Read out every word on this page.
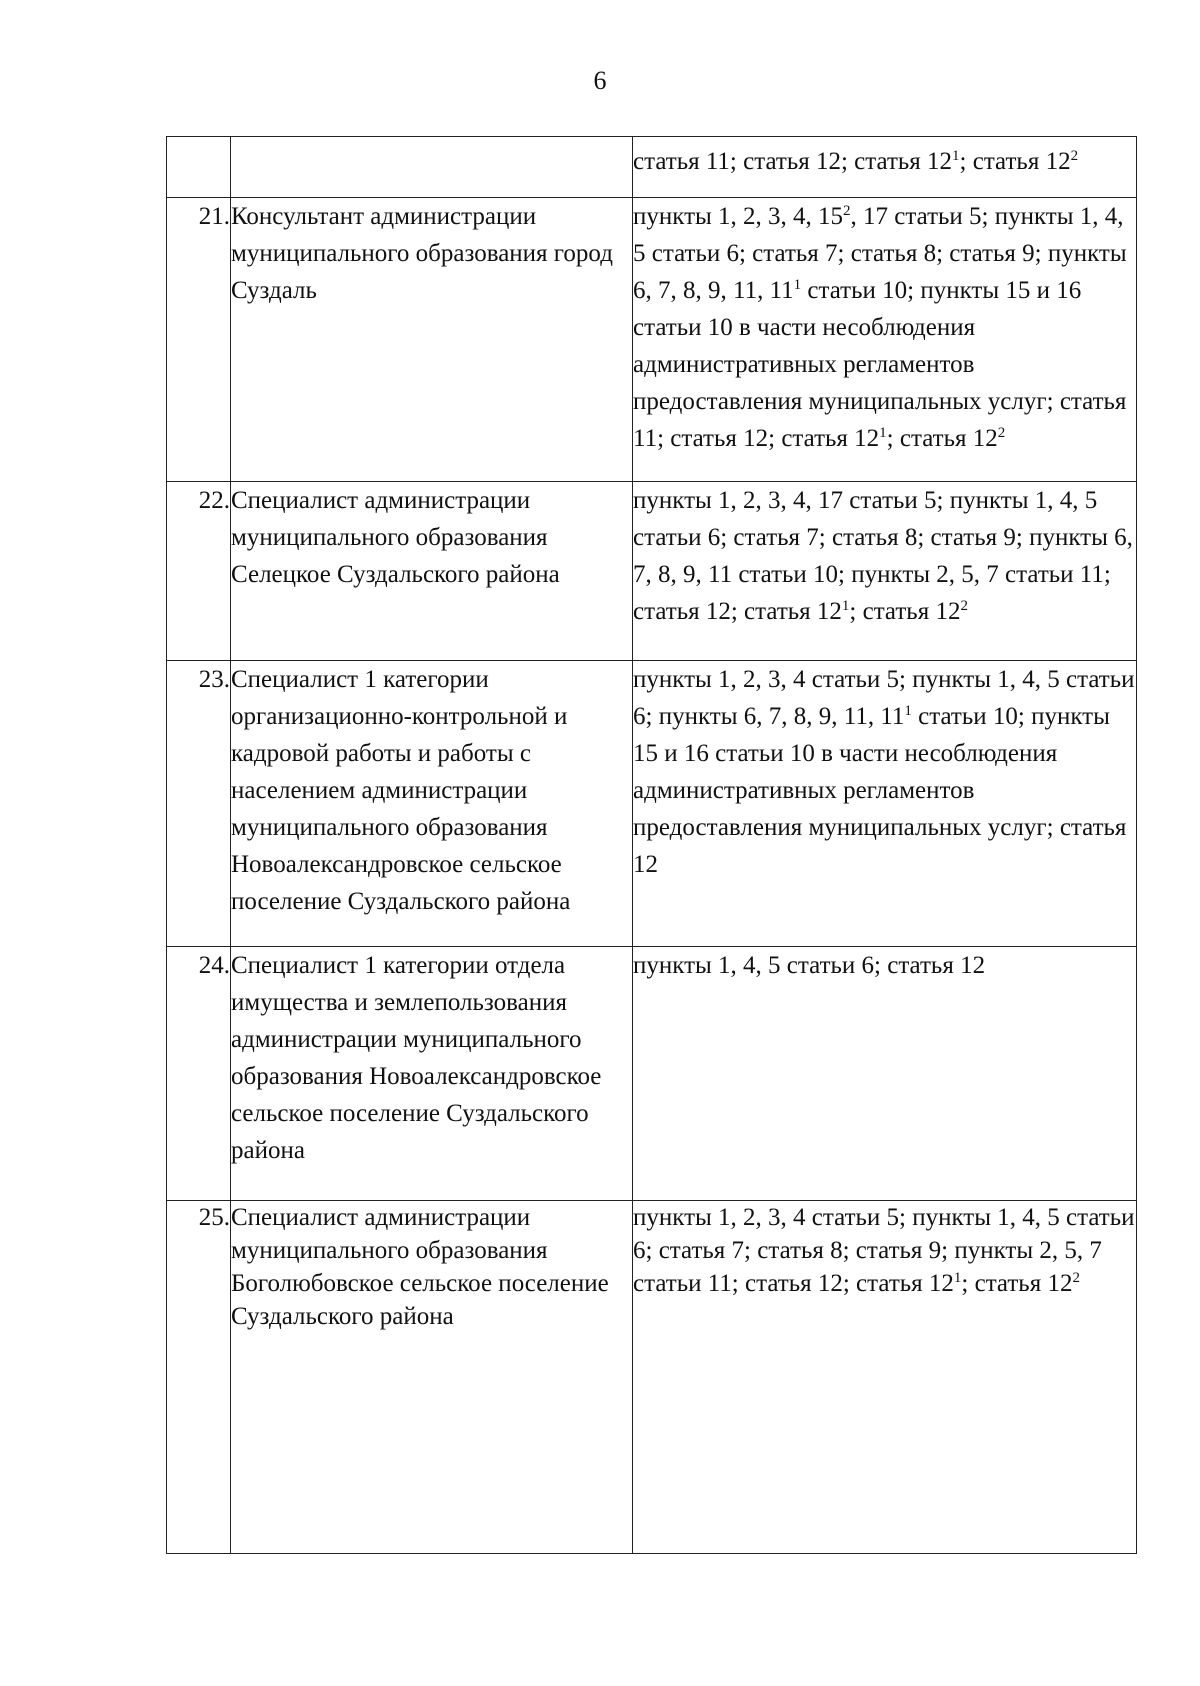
6
		статья 11; статья 12; статья $12^1$; статья $12^2$
21.	Консультант администрации муниципального образования город Суздаль	пункты 1, 2, 3, 4, $15^2$, 17 статьи 5; пункты 1, 4, 5 статьи 6; статья 7; статья 8; статья 9; пункты 6, 7, 8, 9, 11, $11^1$ статьи 10; пункты 15 и 16 статьи 10 в части несоблюдения административных регламентов предоставления муниципальных услуг; статья 11; статья 12; статья $12^1$; статья $12^2$
22.	Специалист администрации муниципального образования Селецкое Суздальского района	пункты 1, 2, 3, 4, 17 статьи 5; пункты 1, 4, 5 статьи 6; статья 7; статья 8; статья 9; пункты 6, 7, 8, 9, 11 статьи 10; пункты 2, 5, 7 статьи 11; статья 12; статья $12^1$; статья $12^2$
23.	Специалист 1 категории организационно-контрольной и кадровой работы и работы с населением администрации муниципального образования Новоалександровское сельское поселение Суздальского района	пункты 1, 2, 3, 4 статьи 5; пункты 1, 4, 5 статьи 6; пункты 6, 7, 8, 9, 11, $11^1$ статьи 10; пункты 15 и 16 статьи 10 в части несоблюдения административных регламентов предоставления муниципальных услуг; статья 12
24.	Специалист 1 категории отдела имущества и землепользования администрации муниципального образования Новоалександровское сельское поселение Суздальского района	пункты 1, 4, 5 статьи 6; статья 12
25.	Специалист администрации муниципального образования Боголюбовское сельское поселение Суздальского района	пункты 1, 2, 3, 4 статьи 5; пункты 1, 4, 5 статьи 6; статья 7; статья 8; статья 9; пункты 2, 5, 7 статьи 11; статья 12; статья $12^1$; статья $12^2$
